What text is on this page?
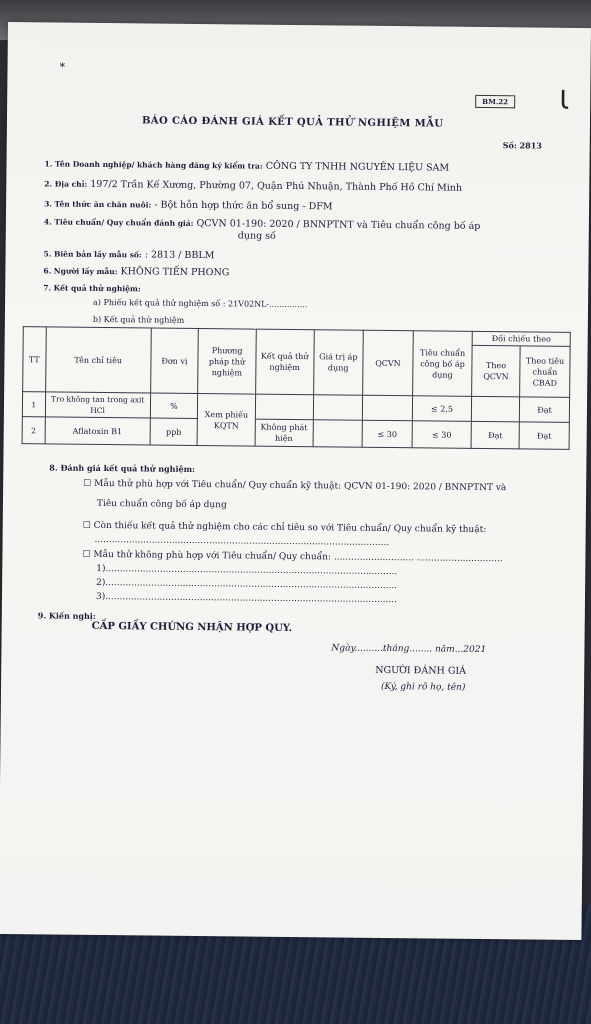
*
BM.22 Ɩ
BÁO CÁO ĐÁNH GIÁ KẾT QUẢ THỬ NGHIỆM MẪU
Số: 2813
1. Tên Doanh nghiệp/ khách hàng đăng ký kiểm tra: CÔNG TY TNHH NGUYÊN LIỆU SAM
2. Địa chỉ: 197/2 Trần Kế Xương, Phường 07, Quận Phú Nhuận, Thành Phố Hồ Chí Minh
3. Tên thức ăn chăn nuôi: - Bột hỗn hợp thức ăn bổ sung - DFM
4. Tiêu chuẩn/ Quy chuẩn đánh giá: QCVN 01-190: 2020 / BNNPTNT và Tiêu chuẩn công bố áp
dụng số
5. Biên bản lấy mẫu số: : 2813 / BBLM
6. Người lấy mẫu: KHÔNG TIẾN PHONG
7. Kết quả thử nghiệm:
a) Phiếu kết quả thử nghiệm số : 21V02NL-...............
b) Kết quả thử nghiệm
TT	Tên chỉ tiêu	Đơn vị	Phương pháp thử nghiệm	Kết quả thử nghiệm	Giá trị áp dụng	QCVN	Tiêu chuẩn công bố áp dụng	Đối chiếu theo	
								Theo QCVN	Theo tiêu chuẩn CBAD
1	Tro không tan trong axit HCl	%	Xem phiếu KQTN				≤ 2,5		Đạt
2	Aflatoxin B1	ppb		Không phát hiện		≤ 30	≤ 30	Đạt	Đạt
8. Đánh giá kết quả thử nghiệm:
☐ Mẫu thử phù hợp với Tiêu chuẩn/ Quy chuẩn kỹ thuật: QCVN 01-190: 2020 / BNNPTNT và
Tiêu chuẩn công bố áp dụng
☐ Còn thiếu kết quả thử nghiệm cho các chỉ tiêu so với Tiêu chuẩn/ Quy chuẩn kỹ thuật:
.......................................................................................................
☐ Mẫu thử không phù hợp với Tiêu chuẩn/ Quy chuẩn: ............................ ..............................
1)......................................................................................................
2)......................................................................................................
3)......................................................................................................
9. Kiến nghị:
CẤP GIẤY CHỨNG NHẬN HỢP QUY.
Ngày..........tháng........ năm...2021
NGƯỜI ĐÁNH GIÁ
(Ký, ghi rõ họ, tên)
